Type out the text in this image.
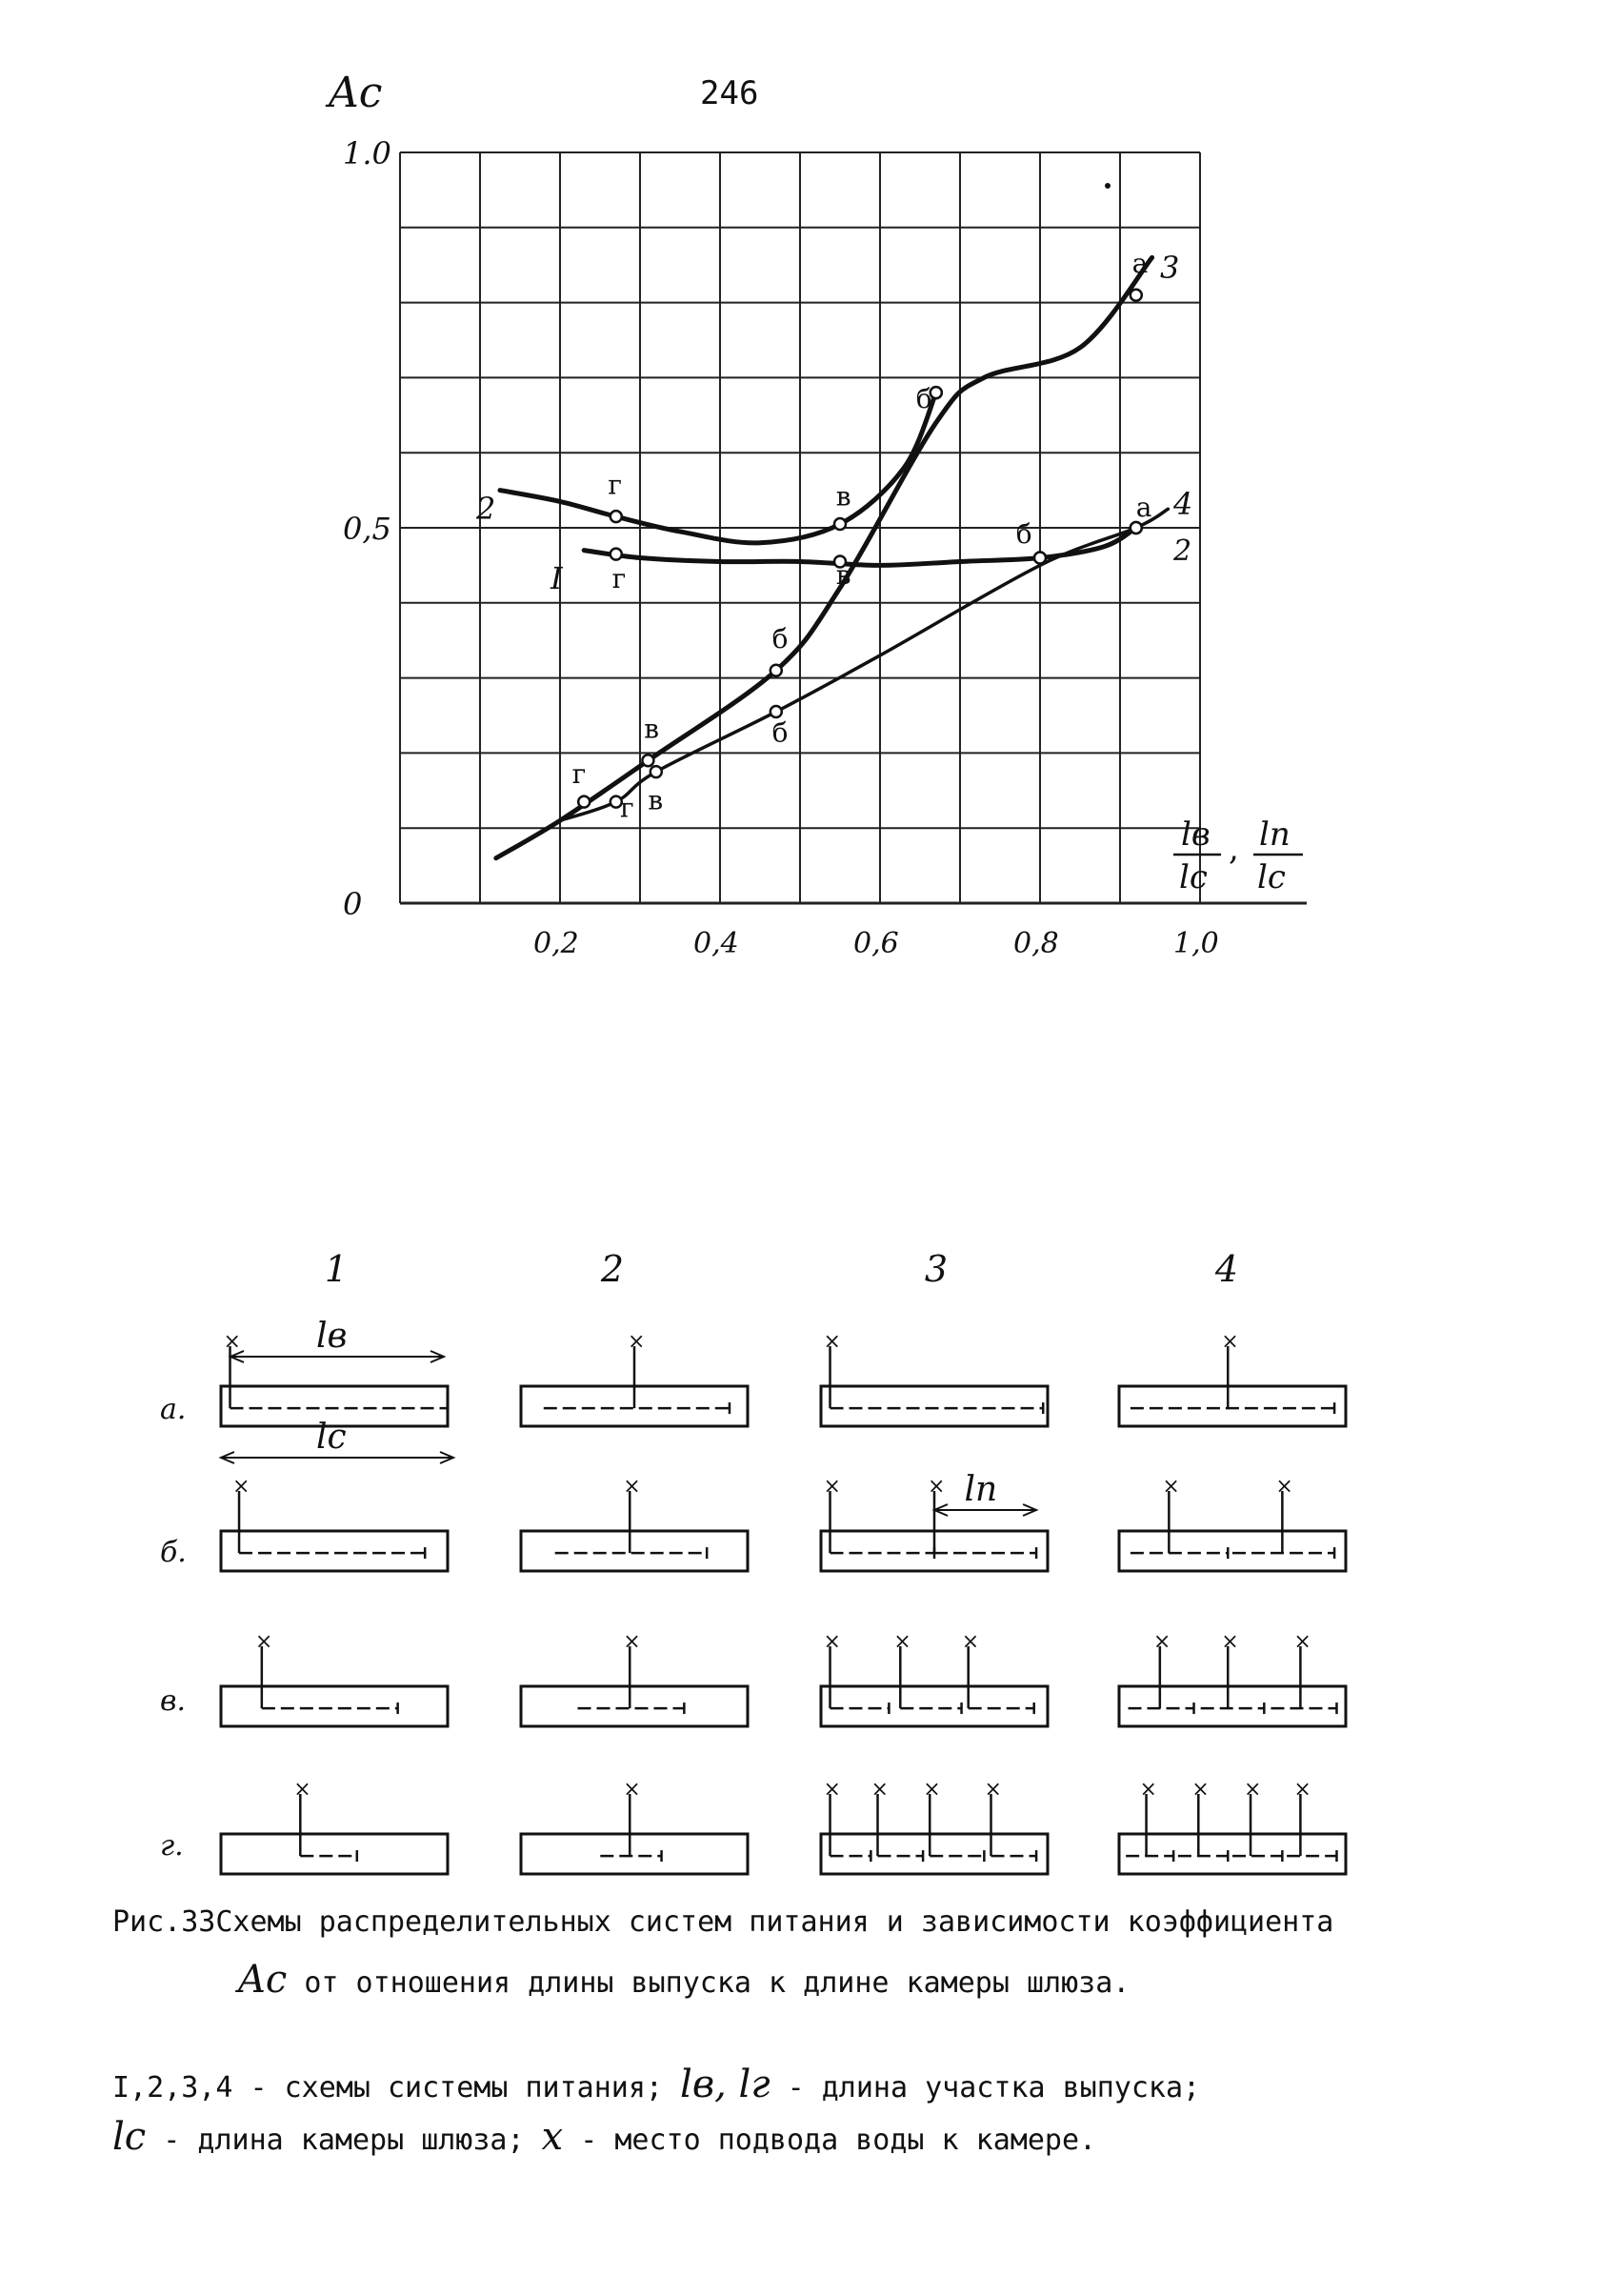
246
0,2	0,4	0,6	0,8	1,0
0
0,5
1.0
2
I
3
4
2
г	в
г	в
б
б
а
а
б
б
в
в
г
г
Ac
lв
lc
, lп
lc
×
×
×
×
×
×
×
×
×
×	×
×	× ×
× × × ×
×
×	×
× ×	×
× × × ×
lв
lc
lп
1	2	3	4
а.
б.
в.
г.
Рис.33Схемы распределительных систем питания и зависимости коэффициента
Ac от отношения длины выпуска к длине камеры шлюза.
I,2,3,4 - схемы системы питания; lв, lг - длина участка выпуска;
lc - длина камеры шлюза; x - место подвода воды к камере.
